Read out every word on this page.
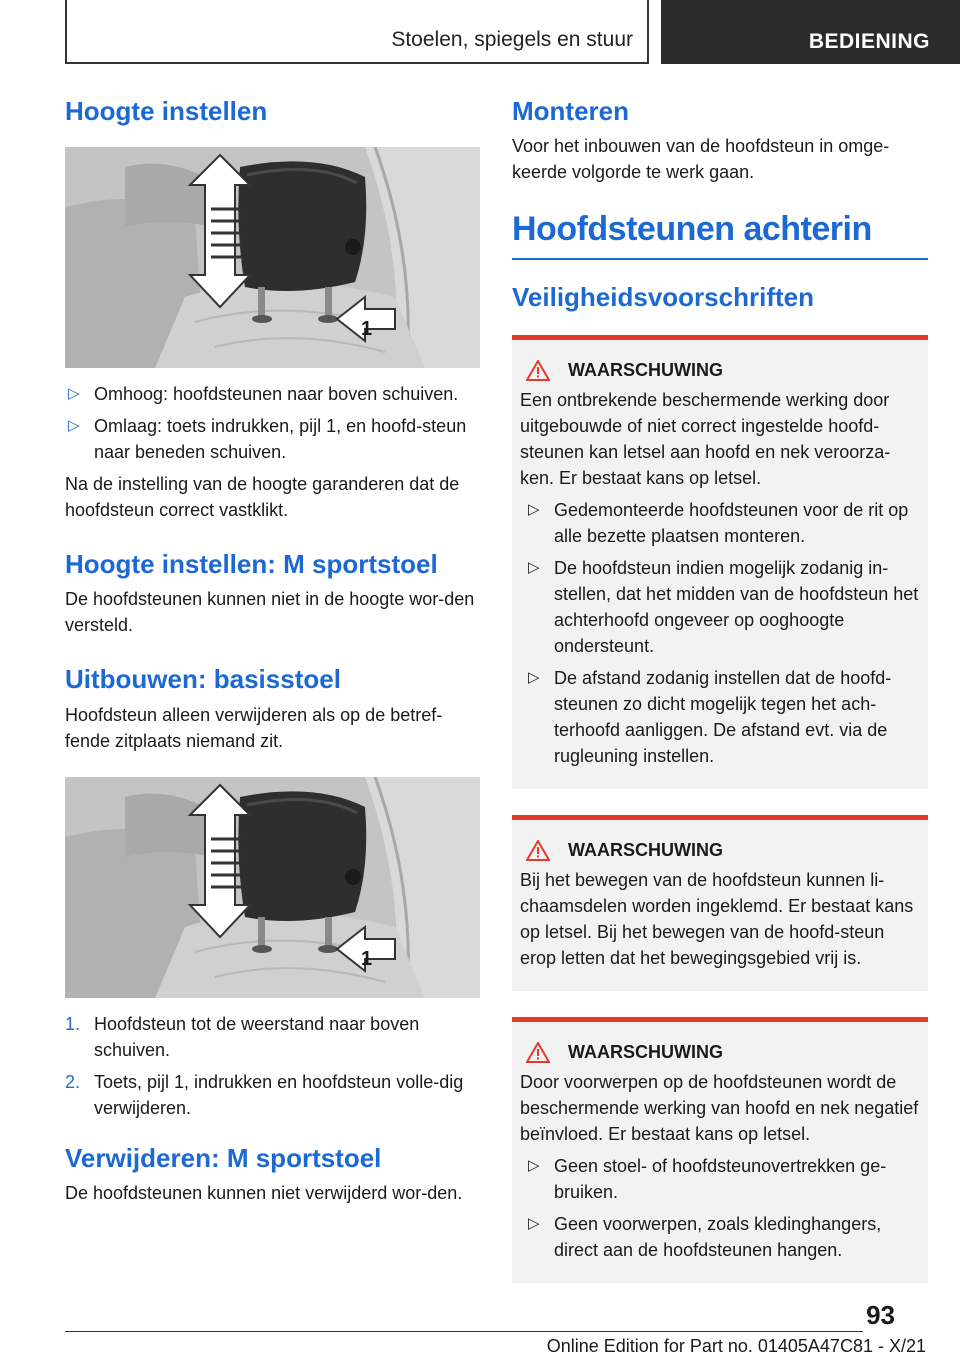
Stoelen, spiegels en stuur	BEDIENING
Hoogte instellen
1
▷ Omhoog: hoofdsteunen naar boven schuiven.
▷ Omlaag: toets indrukken, pijl 1, en hoofd-steun naar beneden schuiven.

Na de instelling van de hoogte garanderen dat de hoofdsteun correct vastklikt.

Hoogte instellen: M sportstoel

De hoofdsteunen kunnen niet in de hoogte wor-den versteld.

Uitbouwen: basisstoel

Hoofdsteun alleen verwijderen als op de betref-fende zitplaats niemand zit.

1
1. Hoofdsteun tot de weerstand naar boven schuiven.
2. Toets, pijl 1, indrukken en hoofdsteun volle-dig verwijderen.
Verwijderen: M sportstoel

De hoofdsteunen kunnen niet verwijderd wor-den.

Monteren

Voor het inbouwen van de hoofdsteun in omge-keerde volgorde te werk gaan.

Hoofdsteunen achterin
Veiligheidsvoorschriften
WAARSCHUWING

Een ontbrekende beschermende werking door uitgebouwde of niet correct ingestelde hoofd-steunen kan letsel aan hoofd en nek veroorza-ken. Er bestaat kans op letsel.

▷ Gedemonteerde hoofdsteunen voor de rit op alle bezette plaatsen monteren.
▷ De hoofdsteun indien mogelijk zodanig in-stellen, dat het midden van de hoofdsteun het achterhoofd ongeveer op ooghoogte ondersteunt.
▷ De afstand zodanig instellen dat de hoofd-steunen zo dicht mogelijk tegen het ach-terhoofd aanliggen. De afstand evt. via de rugleuning instellen.
WAARSCHUWING

Bij het bewegen van de hoofdsteun kunnen li-chaamsdelen worden ingeklemd. Er bestaat kans op letsel. Bij het bewegen van de hoofd-steun erop letten dat het bewegingsgebied vrij is.

WAARSCHUWING

Door voorwerpen op de hoofdsteunen wordt de beschermende werking van hoofd en nek negatief beïnvloed. Er bestaat kans op letsel.

▷ Geen stoel- of hoofdsteunovertrekken ge-bruiken.
▷ Geen voorwerpen, zoals kledinghangers, direct aan de hoofdsteunen hangen.
93
Online Edition for Part no. 01405A47C81 - X/21
